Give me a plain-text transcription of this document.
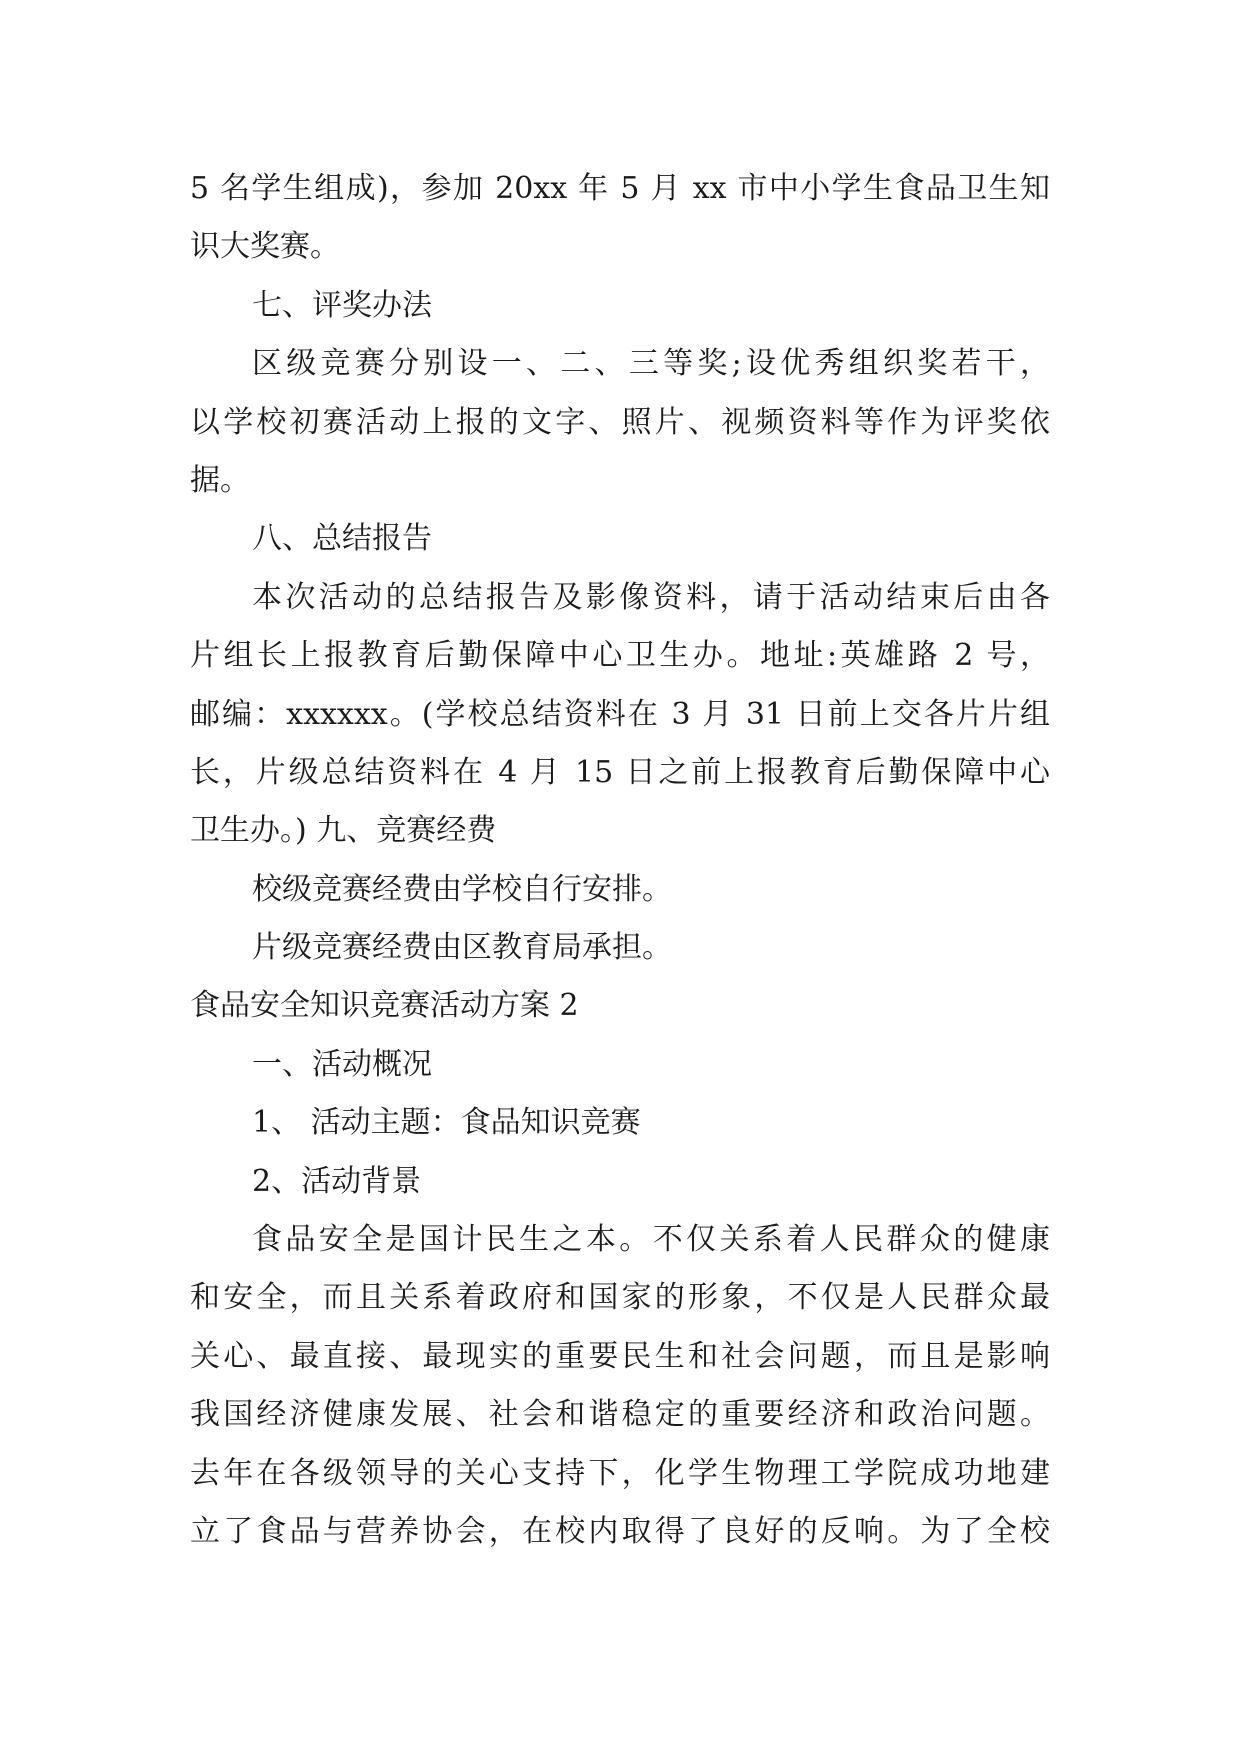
5 名学生组成)，参加 20xx 年 5 月 xx 市中小学生食品卫生知
识大奖赛。
七、评奖办法
区级竞赛分别设一、二、三等奖;设优秀组织奖若干，
以学校初赛活动上报的文字、照片、视频资料等作为评奖依
据。
八、总结报告
本次活动的总结报告及影像资料，请于活动结束后由各
片组长上报教育后勤保障中心卫生办。地址:英雄路 2 号，
邮编：xxxxxx。(学校总结资料在 3 月 31 日前上交各片片组
长，片级总结资料在 4 月 15 日之前上报教育后勤保障中心
卫生办。) 九、竞赛经费
校级竞赛经费由学校自行安排。
片级竞赛经费由区教育局承担。
食品安全知识竞赛活动方案 2
一、活动概况
1、 活动主题：食品知识竞赛
2、活动背景
食品安全是国计民生之本。不仅关系着人民群众的健康
和安全，而且关系着政府和国家的形象，不仅是人民群众最
关心、最直接、最现实的重要民生和社会问题，而且是影响
我国经济健康发展、社会和谐稳定的重要经济和政治问题。
去年在各级领导的关心支持下，化学生物理工学院成功地建
立了食品与营养协会，在校内取得了良好的反响。为了全校
